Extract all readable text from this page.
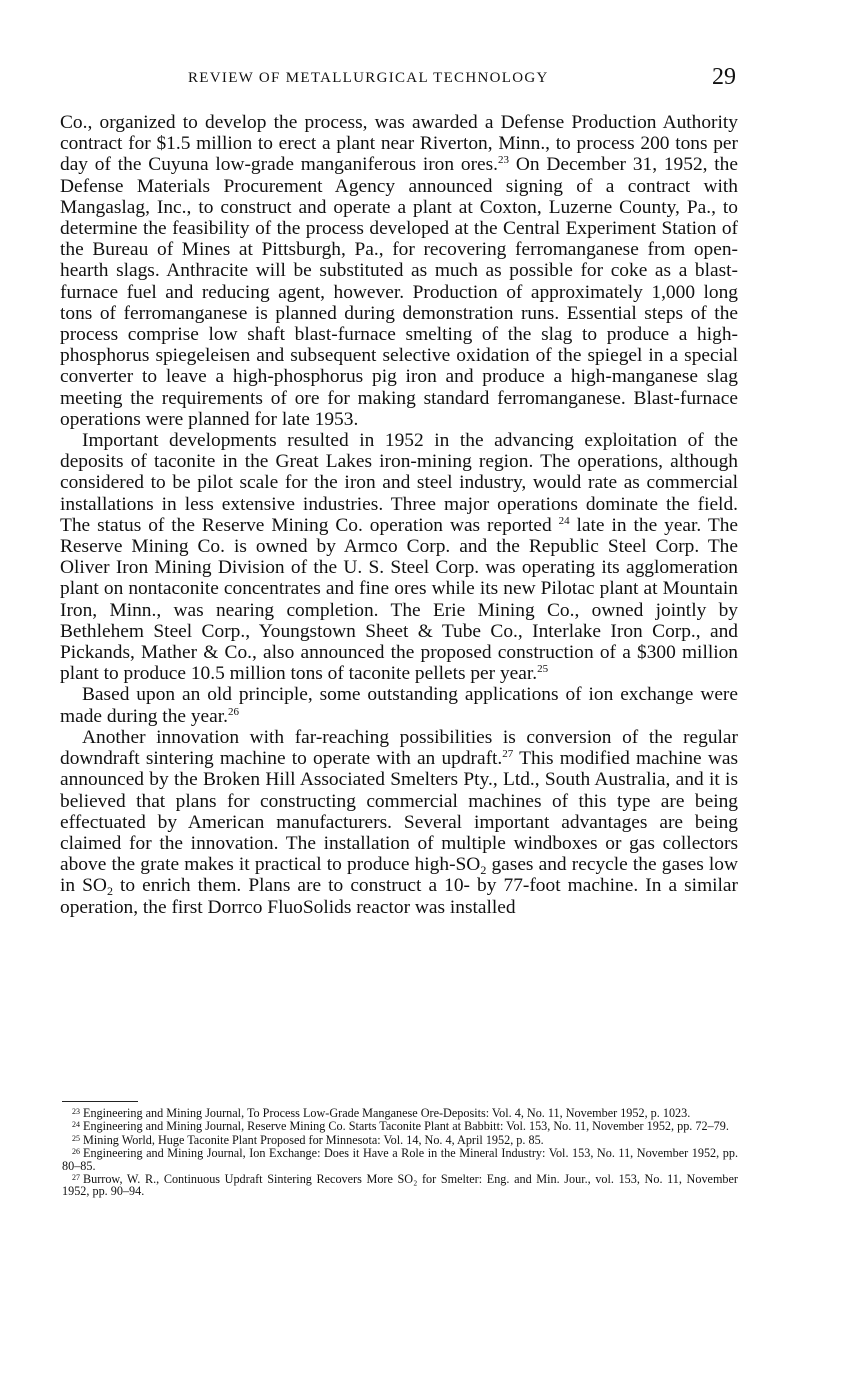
REVIEW OF METALLURGICAL TECHNOLOGY	29

Co., organized to develop the process, was awarded a Defense Production Authority contract for $1.5 million to erect a plant near Riverton, Minn., to process 200 tons per day of the Cuyuna low-grade manganiferous iron ores.$^{23}$ On December 31, 1952, the Defense Materials Procurement Agency announced signing of a contract with Mangaslag, Inc., to construct and operate a plant at Coxton, Luzerne County, Pa., to determine the feasibility of the process developed at the Central Experiment Station of the Bureau of Mines at Pittsburgh, Pa., for recovering ferromanganese from open-hearth slags. Anthracite will be substituted as much as possible for coke as a blast-furnace fuel and reducing agent, however. Production of approximately 1,000 long tons of ferromanganese is planned during demonstration runs. Essential steps of the process comprise low shaft blast-furnace smelting of the slag to produce a high-phosphorus spiegeleisen and subsequent selective oxidation of the spiegel in a special converter to leave a high-phosphorus pig iron and produce a high-manganese slag meeting the requirements of ore for making standard ferromanganese. Blast-furnace operations were planned for late 1953.

Important developments resulted in 1952 in the advancing exploitation of the deposits of taconite in the Great Lakes iron-mining region. The operations, although considered to be pilot scale for the iron and steel industry, would rate as commercial installations in less extensive industries. Three major operations dominate the field. The status of the Reserve Mining Co. operation was reported $^{24}$ late in the year. The Reserve Mining Co. is owned by Armco Corp. and the Republic Steel Corp. The Oliver Iron Mining Division of the U. S. Steel Corp. was operating its agglomeration plant on nontaconite concentrates and fine ores while its new Pilotac plant at Mountain Iron, Minn., was nearing completion. The Erie Mining Co., owned jointly by Bethlehem Steel Corp., Youngstown Sheet & Tube Co., Interlake Iron Corp., and Pickands, Mather & Co., also announced the proposed construction of a $300 million plant to produce 10.5 million tons of taconite pellets per year.$^{25}$

Based upon an old principle, some outstanding applications of ion exchange were made during the year.$^{26}$

Another innovation with far-reaching possibilities is conversion of the regular downdraft sintering machine to operate with an updraft.$^{27}$ This modified machine was announced by the Broken Hill Associated Smelters Pty., Ltd., South Australia, and it is believed that plans for constructing commercial machines of this type are being effectuated by American manufacturers. Several important advantages are being claimed for the innovation. The installation of multiple windboxes or gas collectors above the grate makes it practical to produce high-$SO_2$ gases and recycle the gases low in $SO_2$ to enrich them. Plans are to construct a 10- by 77-foot machine. In a similar operation, the first Dorrco FluoSolids reactor was installed

$^{23}$ Engineering and Mining Journal, To Process Low-Grade Manganese Ore-Deposits: Vol. 4, No. 11, November 1952, p. 1023.

$^{24}$ Engineering and Mining Journal, Reserve Mining Co. Starts Taconite Plant at Babbitt: Vol. 153, No. 11, November 1952, pp. 72–79.

$^{25}$ Mining World, Huge Taconite Plant Proposed for Minnesota: Vol. 14, No. 4, April 1952, p. 85.

$^{26}$ Engineering and Mining Journal, Ion Exchange: Does it Have a Role in the Mineral Industry: Vol. 153, No. 11, November 1952, pp. 80–85.

$^{27}$ Burrow, W. R., Continuous Updraft Sintering Recovers More SO₂ for Smelter: Eng. and Min. Jour., vol. 153, No. 11, November 1952, pp. 90–94.
